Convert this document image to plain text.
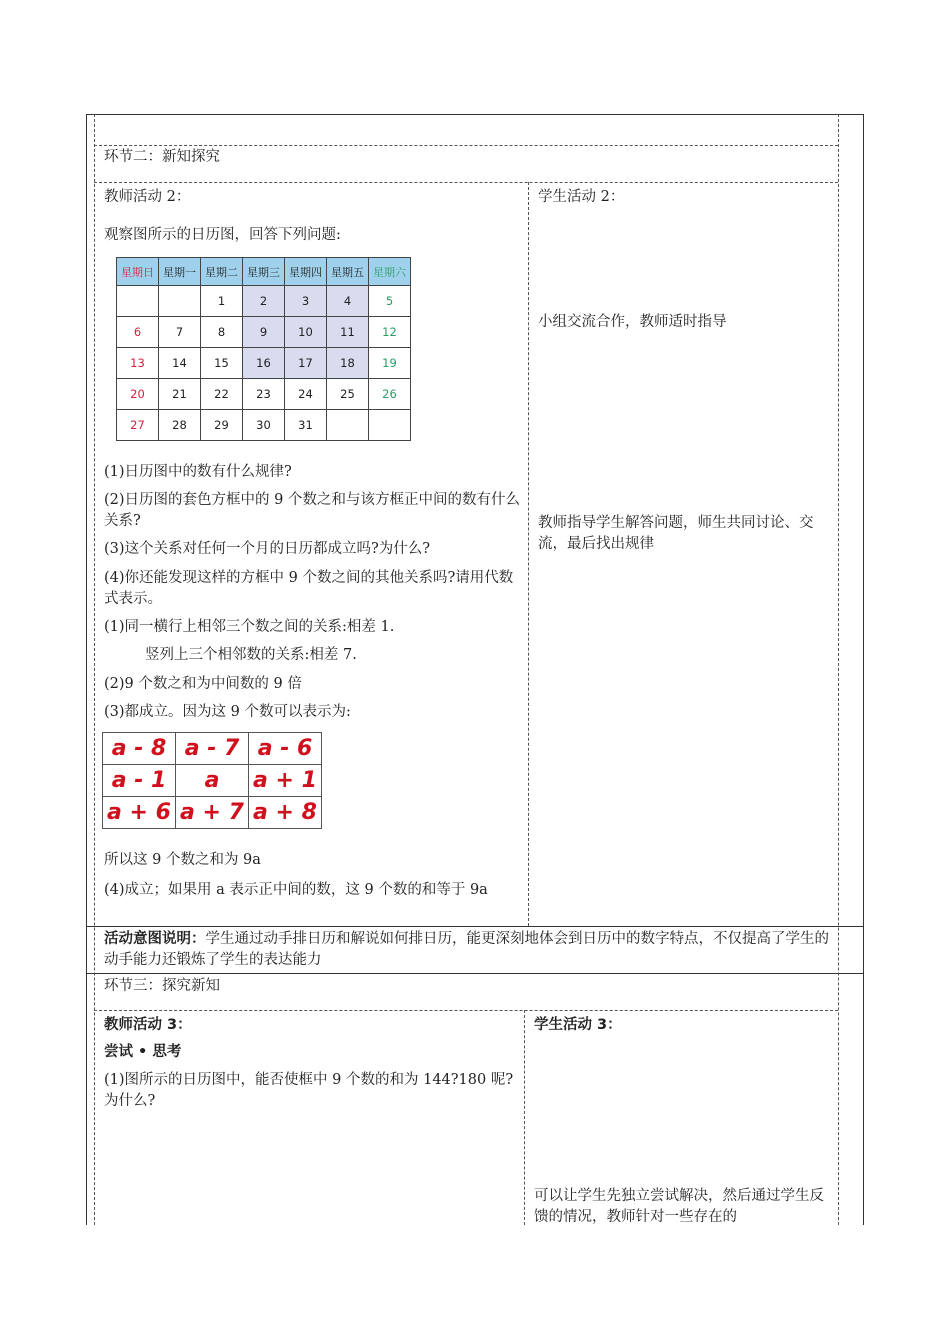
环节二：新知探究
教师活动 2：
观察图所示的日历图，回答下列问题:
星期日	星期一	星期二	星期三	星期四	星期五	星期六
		1	2	3	4	5
6	7	8	9	10	11	12
13	14	15	16	17	18	19
20	21	22	23	24	25	26
27	28	29	30	31		
(1)日历图中的数有什么规律?
(2)日历图的套色方框中的 9 个数之和与该方框正中间的数有什么关系?
(3)这个关系对任何一个月的日历都成立吗?为什么?
(4)你还能发现这样的方框中 9 个数之间的其他关系吗?请用代数式表示。
(1)同一横行上相邻三个数之间的关系:相差 1.
竖列上三个相邻数的关系:相差 7.
(2)9 个数之和为中间数的 9 倍
(3)都成立。因为这 9 个数可以表示为:
a - 8	a - 7	a - 6
a - 1	a	a + 1
a + 6	a + 7	a + 8
所以这 9 个数之和为 9a
(4)成立；如果用 a 表示正中间的数，这 9 个数的和等于 9a
学生活动 2：
小组交流合作，教师适时指导
教师指导学生解答问题，师生共同讨论、交流，最后找出规律
活动意图说明：学生通过动手排日历和解说如何排日历，能更深刻地体会到日历中的数字特点，不仅提高了学生的动手能力还锻炼了学生的表达能力
环节三：探究新知
教师活动 3：
尝试 • 思考
(1)图所示的日历图中，能否使框中 9 个数的和为 144?180 呢?为什么?
学生活动 3：
可以让学生先独立尝试解决，然后通过学生反馈的情况，教师针对一些存在的
